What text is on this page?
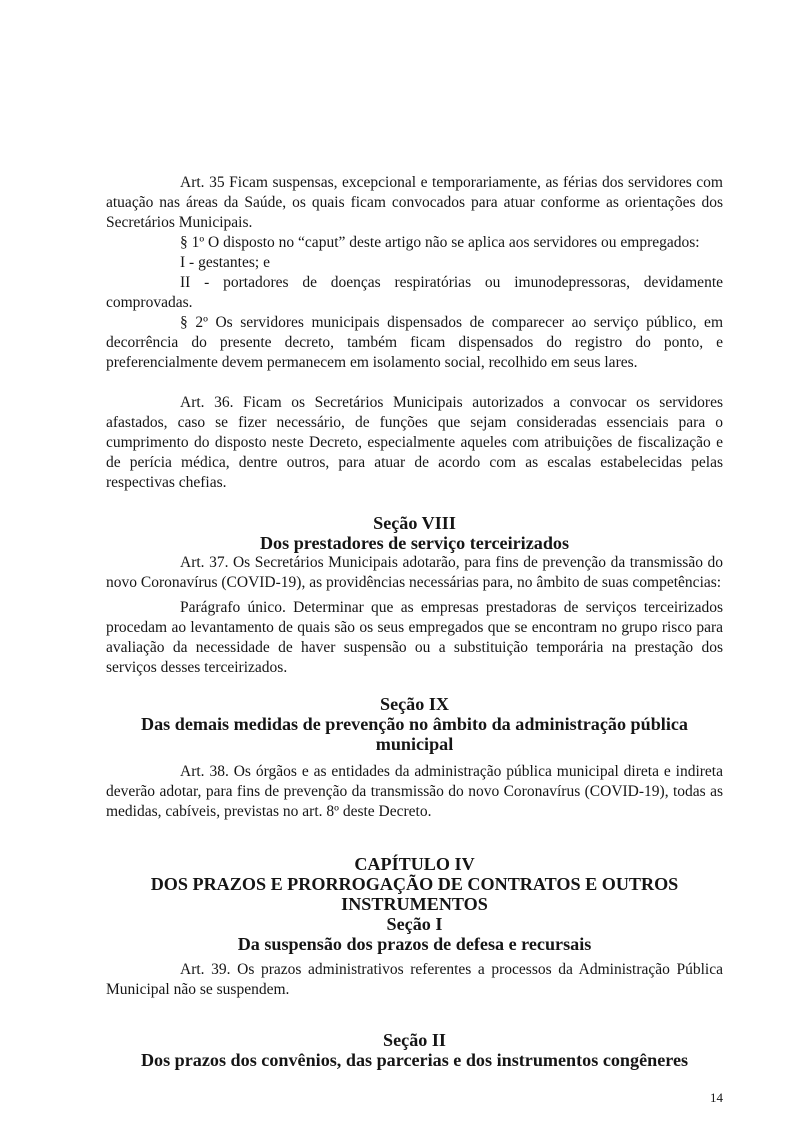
Art. 35 Ficam suspensas, excepcional e temporariamente, as férias dos servidores com atuação nas áreas da Saúde, os quais ficam convocados para atuar conforme as orientações dos Secretários Municipais.

§ 1º O disposto no “caput” deste artigo não se aplica aos servidores ou empregados:

I - gestantes; e

II - portadores de doenças respiratórias ou imunodepressoras, devidamente comprovadas.

§ 2º Os servidores municipais dispensados de comparecer ao serviço público, em decorrência do presente decreto, também ficam dispensados do registro do ponto, e preferencialmente devem permanecem em isolamento social, recolhido em seus lares.

Art. 36. Ficam os Secretários Municipais autorizados a convocar os servidores afastados, caso se fizer necessário, de funções que sejam consideradas essenciais para o cumprimento do disposto neste Decreto, especialmente aqueles com atribuições de fiscalização e de perícia médica, dentre outros, para atuar de acordo com as escalas estabelecidas pelas respectivas chefias.

Seção VIII
Dos prestadores de serviço terceirizados

Art. 37. Os Secretários Municipais adotarão, para fins de prevenção da transmissão do novo Coronavírus (COVID-19), as providências necessárias para, no âmbito de suas competências:

Parágrafo único. Determinar que as empresas prestadoras de serviços terceirizados procedam ao levantamento de quais são os seus empregados que se encontram no grupo risco para avaliação da necessidade de haver suspensão ou a substituição temporária na prestação dos serviços desses terceirizados.

Seção IX
Das demais medidas de prevenção no âmbito da administração pública municipal

Art. 38. Os órgãos e as entidades da administração pública municipal direta e indireta deverão adotar, para fins de prevenção da transmissão do novo Coronavírus (COVID-19), todas as medidas, cabíveis, previstas no art. 8º deste Decreto.

CAPÍTULO IV
DOS PRAZOS E PRORROGAÇÃO DE CONTRATOS E OUTROS INSTRUMENTOS
Seção I
Da suspensão dos prazos de defesa e recursais

Art. 39. Os prazos administrativos referentes a processos da Administração Pública Municipal não se suspendem.

Seção II
Dos prazos dos convênios, das parcerias e dos instrumentos congêneres
14
